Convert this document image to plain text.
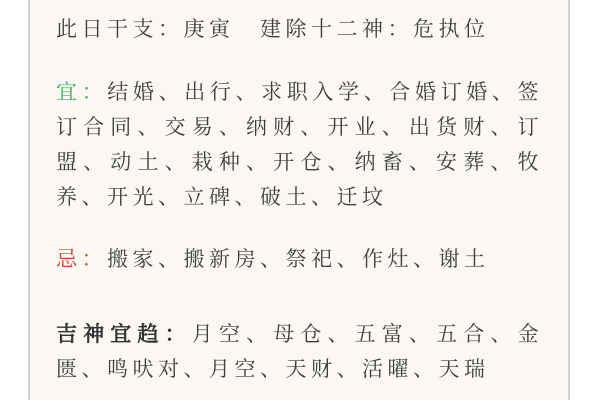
此日干支：庚寅　建除十二神：危执位

宜：结婚、出行、求职入学、合婚订婚、签订合同、交易、纳财、开业、出货财、订盟、动土、栽种、开仓、纳畜、安葬、牧养、开光、立碑、破土、迁坟

忌：搬家、搬新房、祭祀、作灶、谢土

吉神宜趋：月空、母仓、五富、五合、金匮、鸣吠对、月空、天财、活曜、天瑞
